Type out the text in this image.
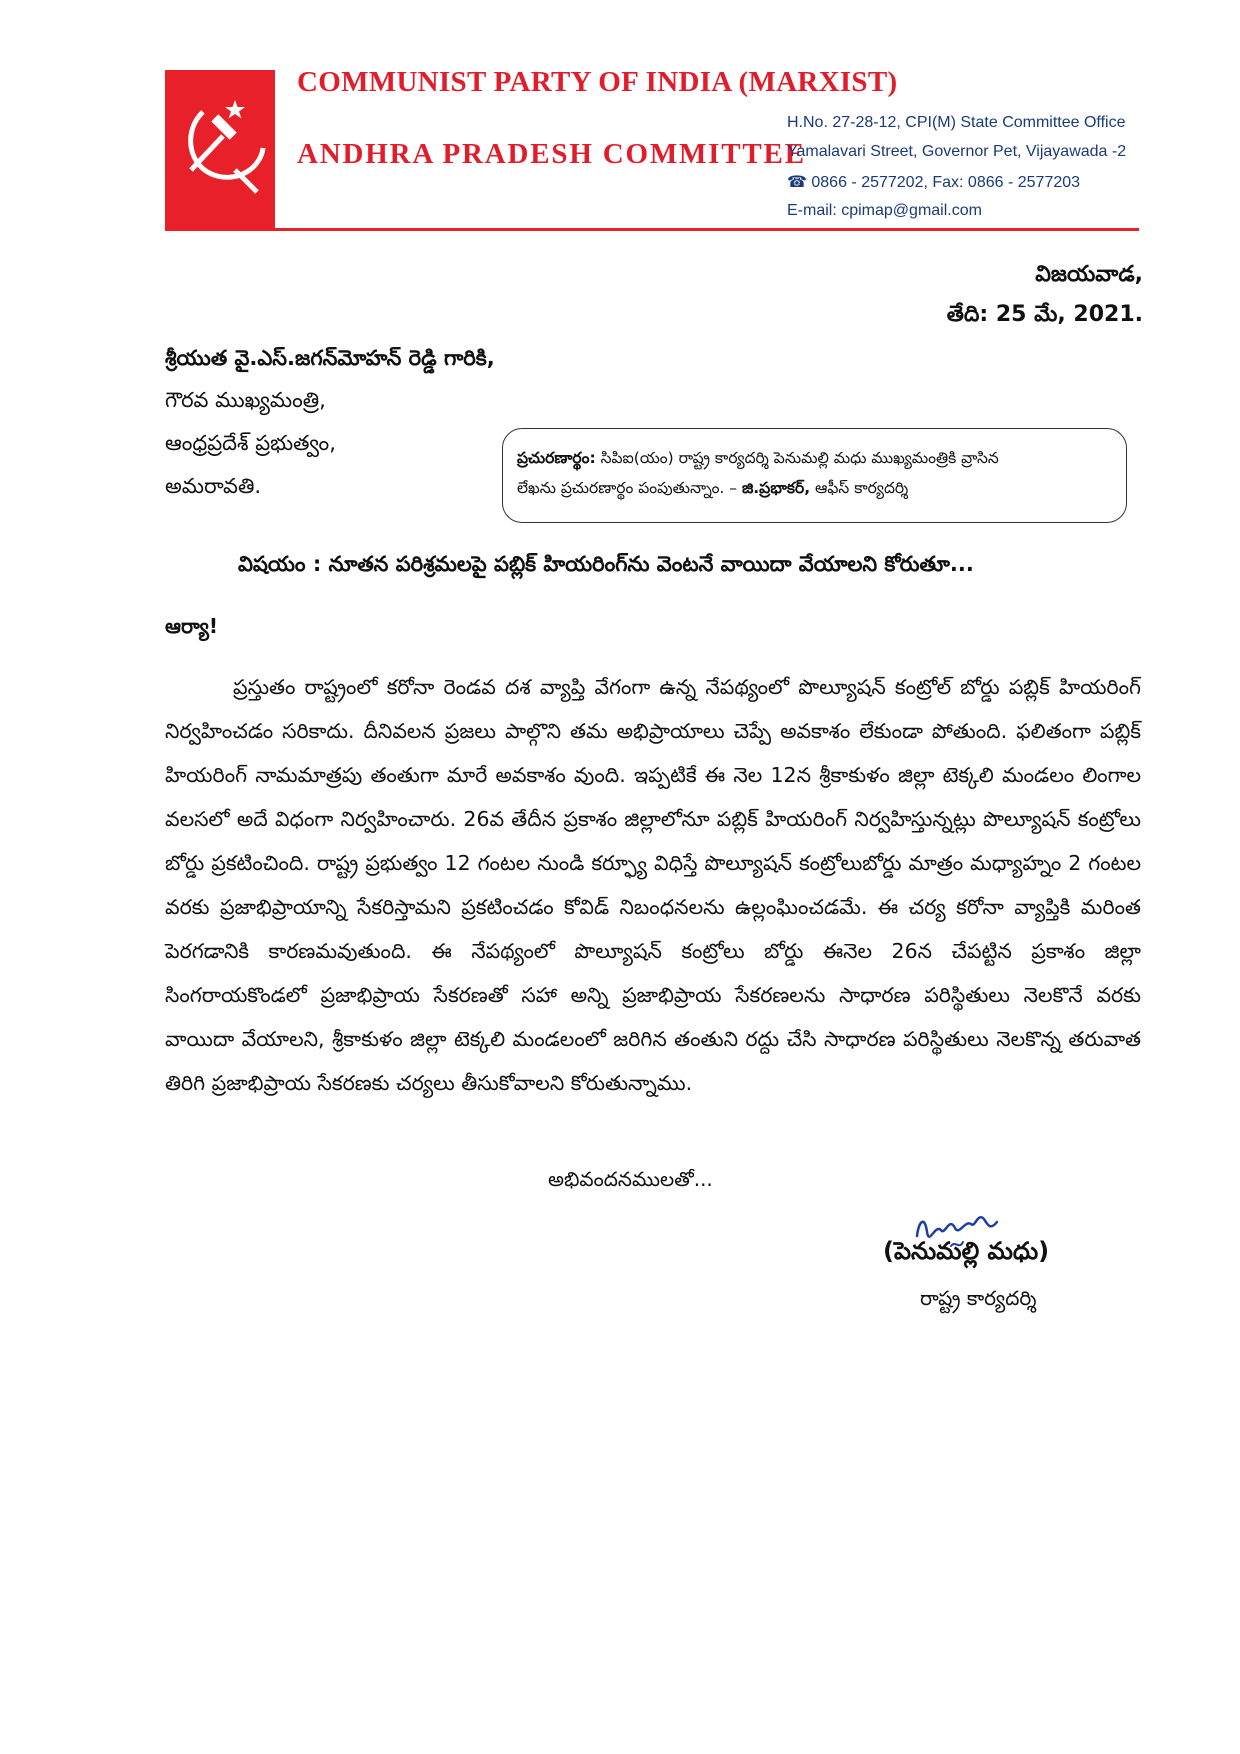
COMMUNIST PARTY OF INDIA (MARXIST)
ANDHRA PRADESH COMMITTEE
H.No. 27-28-12, CPI(M) State Committee Office
Yamalavari Street, Governor Pet, Vijayawada -2
☎ 0866 - 2577202, Fax: 0866 - 2577203
E-mail: cpimap@gmail.com
విజయవాడ,
తేది: 25 మే, 2021.
శ్రీయుత వై.ఎస్.జగన్‌మోహన్ రెడ్డి గారికి,
గౌరవ ముఖ్యమంత్రి,
ఆంధ్రప్రదేశ్ ప్రభుత్వం,
అమరావతి.
ప్రచురణార్థం: సిపిఐ(యం) రాష్ట్ర కార్యదర్శి పెనుమల్లి మధు ముఖ్యమంత్రికి వ్రాసిన
లేఖను ప్రచురణార్థం పంపుతున్నాం. – జి.ప్రభాకర్, ఆఫీస్ కార్యదర్శి
విషయం : నూతన పరిశ్రమలపై పబ్లిక్ హియరింగ్‌ను వెంటనే వాయిదా వేయాలని కోరుతూ...
ఆర్యా!
ప్రస్తుతం రాష్ట్రంలో కరోనా రెండవ దశ వ్యాప్తి వేగంగా ఉన్న నేపథ్యంలో పొల్యూషన్ కంట్రోల్ బోర్డు పబ్లిక్ హియరింగ్ నిర్వహించడం సరికాదు. దీనివలన ప్రజలు పాల్గొని తమ అభిప్రాయాలు చెప్పే అవకాశం లేకుండా పోతుంది. ఫలితంగా పబ్లిక్ హియరింగ్ నామమాత్రపు తంతుగా మారే అవకాశం వుంది. ఇప్పటికే ఈ నెల 12న శ్రీకాకుళం జిల్లా టెక్కలి మండలం లింగాల వలసలో అదే విధంగా నిర్వహించారు. 26వ తేదీన ప్రకాశం జిల్లాలోనూ పబ్లిక్ హియరింగ్ నిర్వహిస్తున్నట్లు పొల్యూషన్ కంట్రోలు బోర్డు ప్రకటించింది. రాష్ట్ర ప్రభుత్వం 12 గంటల నుండి కర్ఫ్యూ విధిస్తే పొల్యూషన్ కంట్రోలుబోర్డు మాత్రం మధ్యాహ్నం 2 గంటల వరకు ప్రజాభిప్రాయాన్ని సేకరిస్తామని ప్రకటించడం కోవిడ్ నిబంధనలను ఉల్లంఘించడమే. ఈ చర్య కరోనా వ్యాప్తికి మరింత పెరగడానికి కారణమవుతుంది. ఈ నేపథ్యంలో పొల్యూషన్ కంట్రోలు బోర్డు ఈనెల 26న చేపట్టిన ప్రకాశం జిల్లా సింగరాయకొండలో ప్రజాభిప్రాయ సేకరణతో సహా అన్ని ప్రజాభిప్రాయ సేకరణలను సాధారణ పరిస్థితులు నెలకొనే వరకు వాయిదా వేయాలని, శ్రీకాకుళం జిల్లా టెక్కలి మండలంలో జరిగిన తంతుని రద్దు చేసి సాధారణ పరిస్థితులు నెలకొన్న తరువాత తిరిగి ప్రజాభిప్రాయ సేకరణకు చర్యలు తీసుకోవాలని కోరుతున్నాము.
అభివందనములతో...
(పెనుమల్లి మధు)
రాష్ట్ర కార్యదర్శి
